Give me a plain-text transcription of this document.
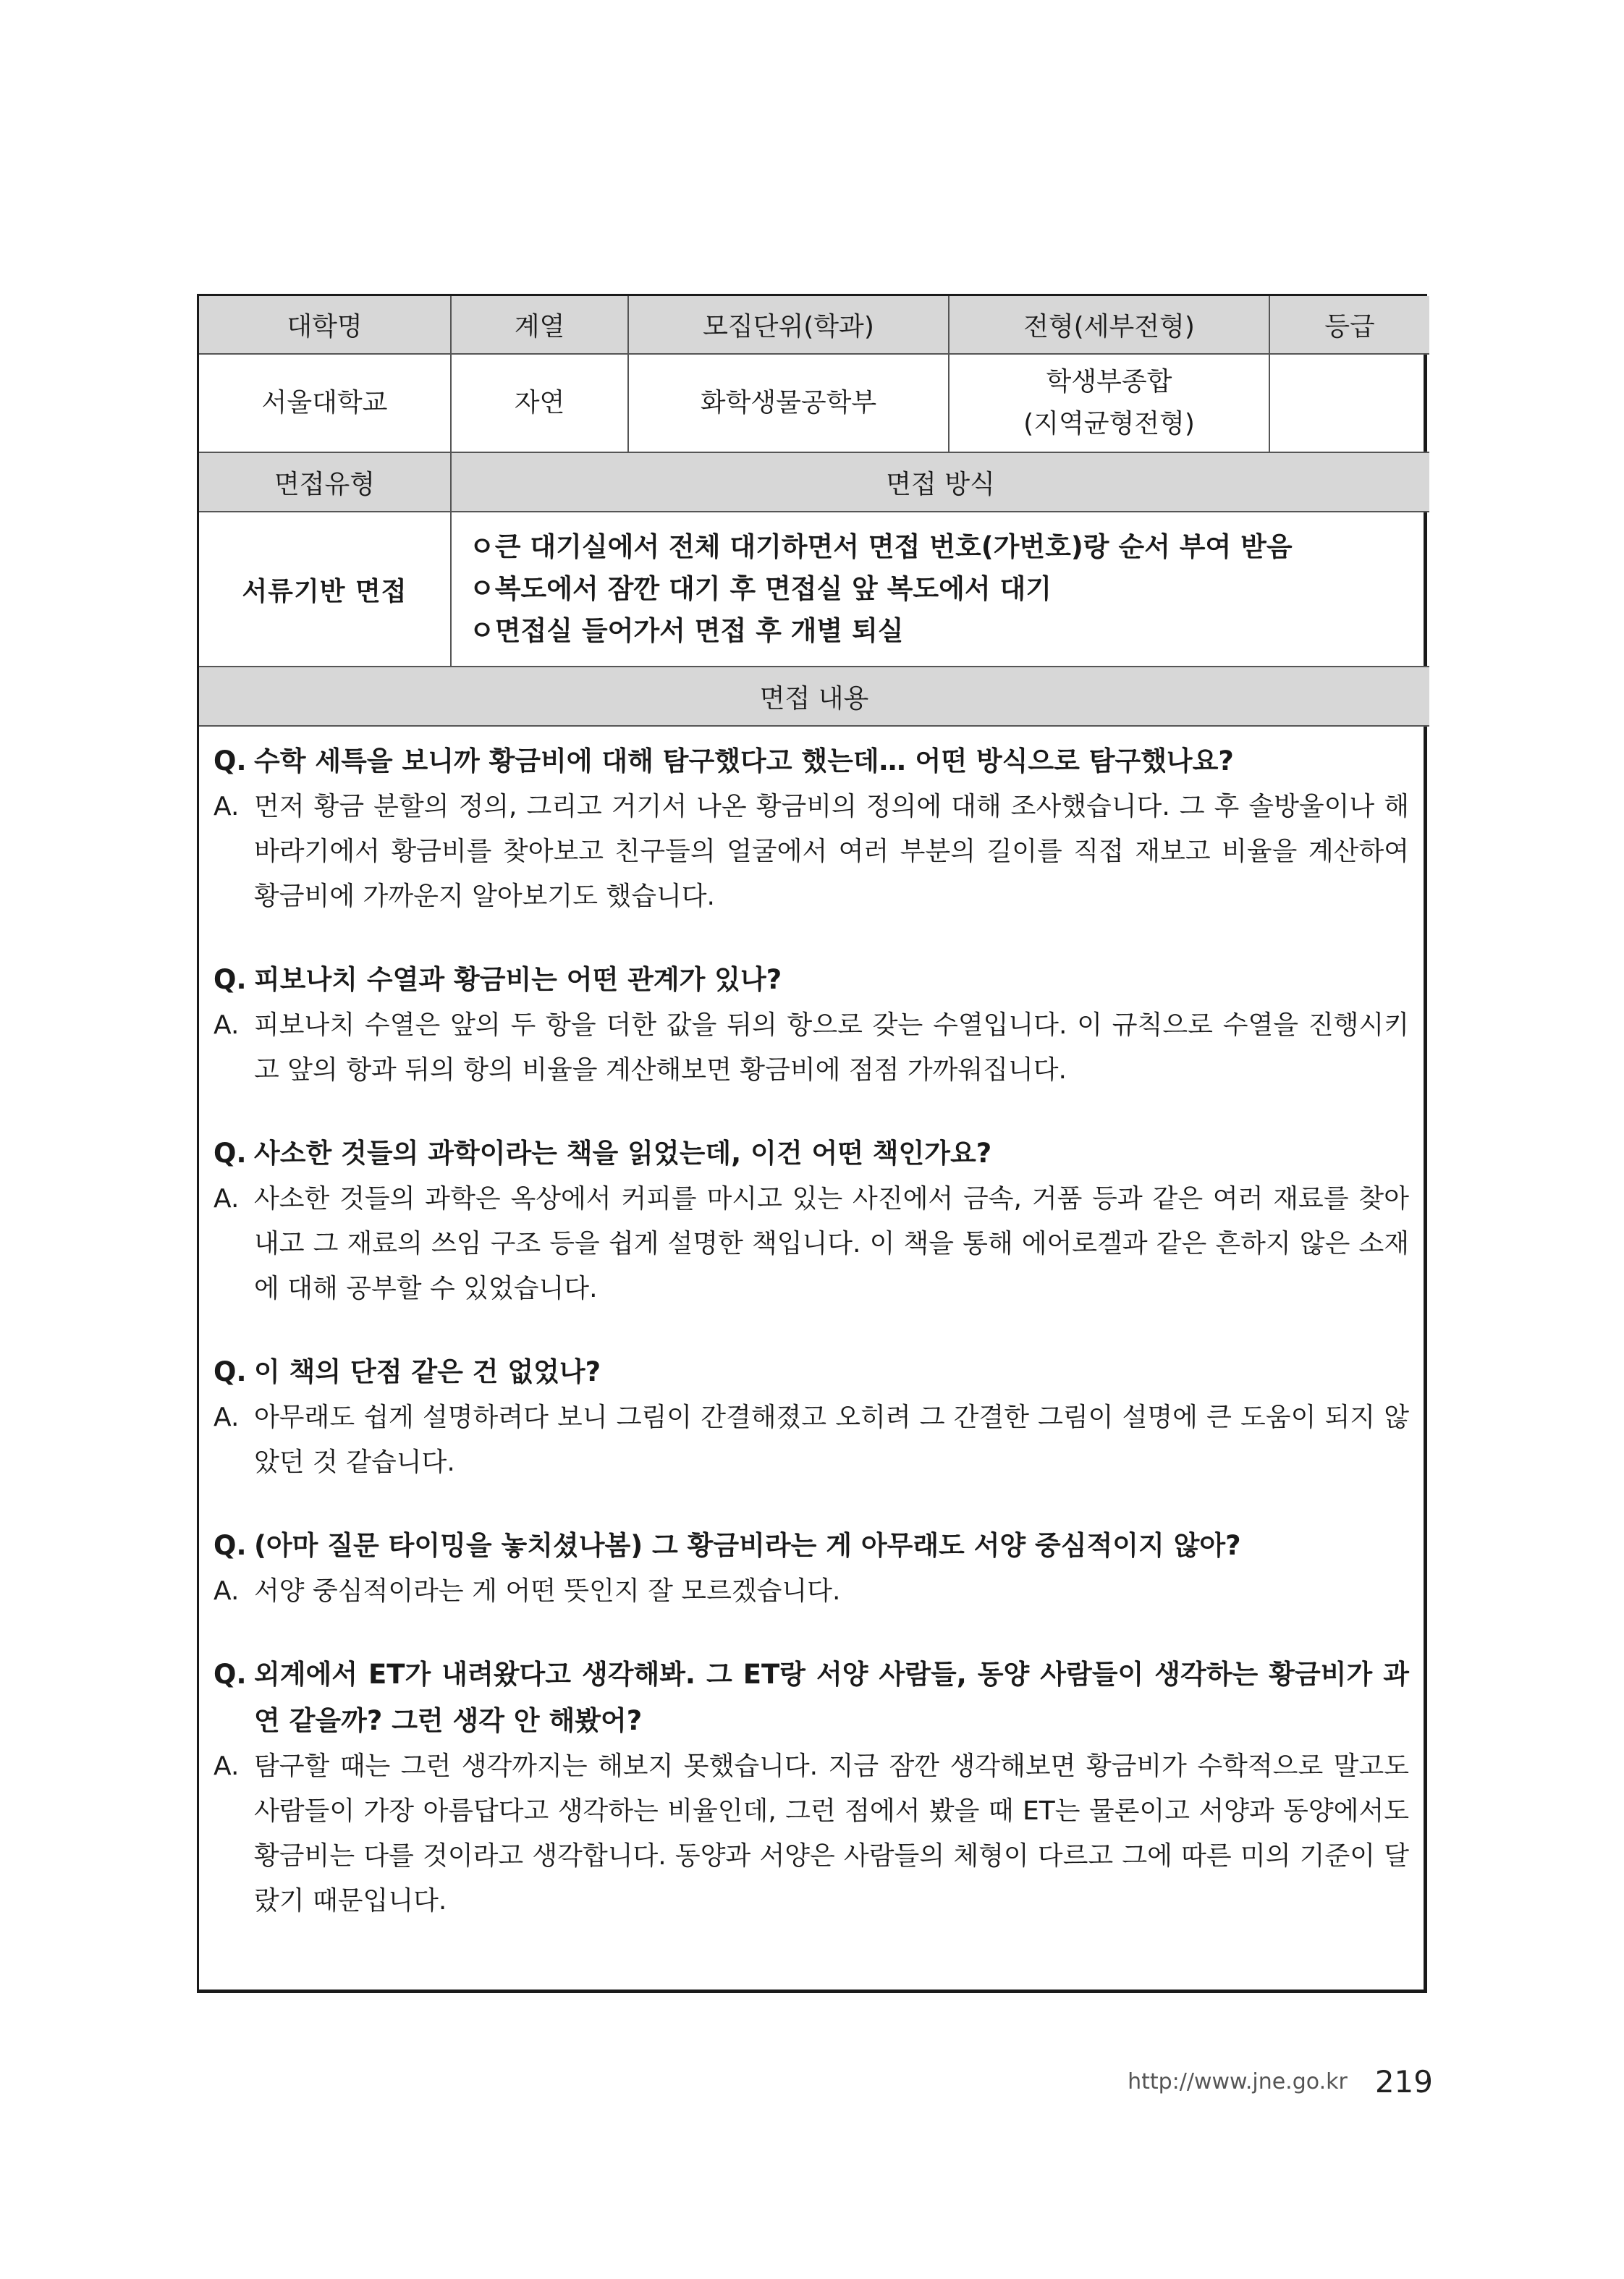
대학명	계열	모집단위(학과)	전형(세부전형)	등급
서울대학교	자연	화학생물공학부	학생부종합
(지역균형전형)	

면접유형	면접 방식			
서류기반 면접	ㅇ큰 대기실에서 전체 대기하면서 면접 번호(가번호)랑 순서 부여 받음
ㅇ복도에서 잠깐 대기 후 면접실 앞 복도에서 대기
ㅇ면접실 들어가서 면접 후 개별 퇴실			

면접 내용				
Q. 수학 세특을 보니까 황금비에 대해 탐구했다고 했는데… 어떤 방식으로 탐구했나요?
A. 먼저 황금 분할의 정의, 그리고 거기서 나온 황금비의 정의에 대해 조사했습니다. 그 후 솔방울이나 해바라기에서 황금비를 찾아보고 친구들의 얼굴에서 여러 부분의 길이를 직접 재보고 비율을 계산하여 황금비에 가까운지 알아보기도 했습니다.
Q. 피보나치 수열과 황금비는 어떤 관계가 있나?
A. 피보나치 수열은 앞의 두 항을 더한 값을 뒤의 항으로 갖는 수열입니다. 이 규칙으로 수열을 진행시키고 앞의 항과 뒤의 항의 비율을 계산해보면 황금비에 점점 가까워집니다.
Q. 사소한 것들의 과학이라는 책을 읽었는데, 이건 어떤 책인가요?
A. 사소한 것들의 과학은 옥상에서 커피를 마시고 있는 사진에서 금속, 거품 등과 같은 여러 재료를 찾아내고 그 재료의 쓰임 구조 등을 쉽게 설명한 책입니다. 이 책을 통해 에어로겔과 같은 흔하지 않은 소재에 대해 공부할 수 있었습니다.
Q. 이 책의 단점 같은 건 없었나?
A. 아무래도 쉽게 설명하려다 보니 그림이 간결해졌고 오히려 그 간결한 그림이 설명에 큰 도움이 되지 않았던 것 같습니다.
Q. (아마 질문 타이밍을 놓치셨나봄) 그 황금비라는 게 아무래도 서양 중심적이지 않아?
A. 서양 중심적이라는 게 어떤 뜻인지 잘 모르겠습니다.
Q. 외계에서 ET가 내려왔다고 생각해봐. 그 ET랑 서양 사람들, 동양 사람들이 생각하는 황금비가 과연 같을까? 그런 생각 안 해봤어?
A. 탐구할 때는 그런 생각까지는 해보지 못했습니다. 지금 잠깐 생각해보면 황금비가 수학적으로 말고도 사람들이 가장 아름답다고 생각하는 비율인데, 그런 점에서 봤을 때 ET는 물론이고 서양과 동양에서도 황금비는 다를 것이라고 생각합니다. 동양과 서양은 사람들의 체형이 다르고 그에 따른 미의 기준이 달랐기 때문입니다.
http://www.jne.go.kr 219
